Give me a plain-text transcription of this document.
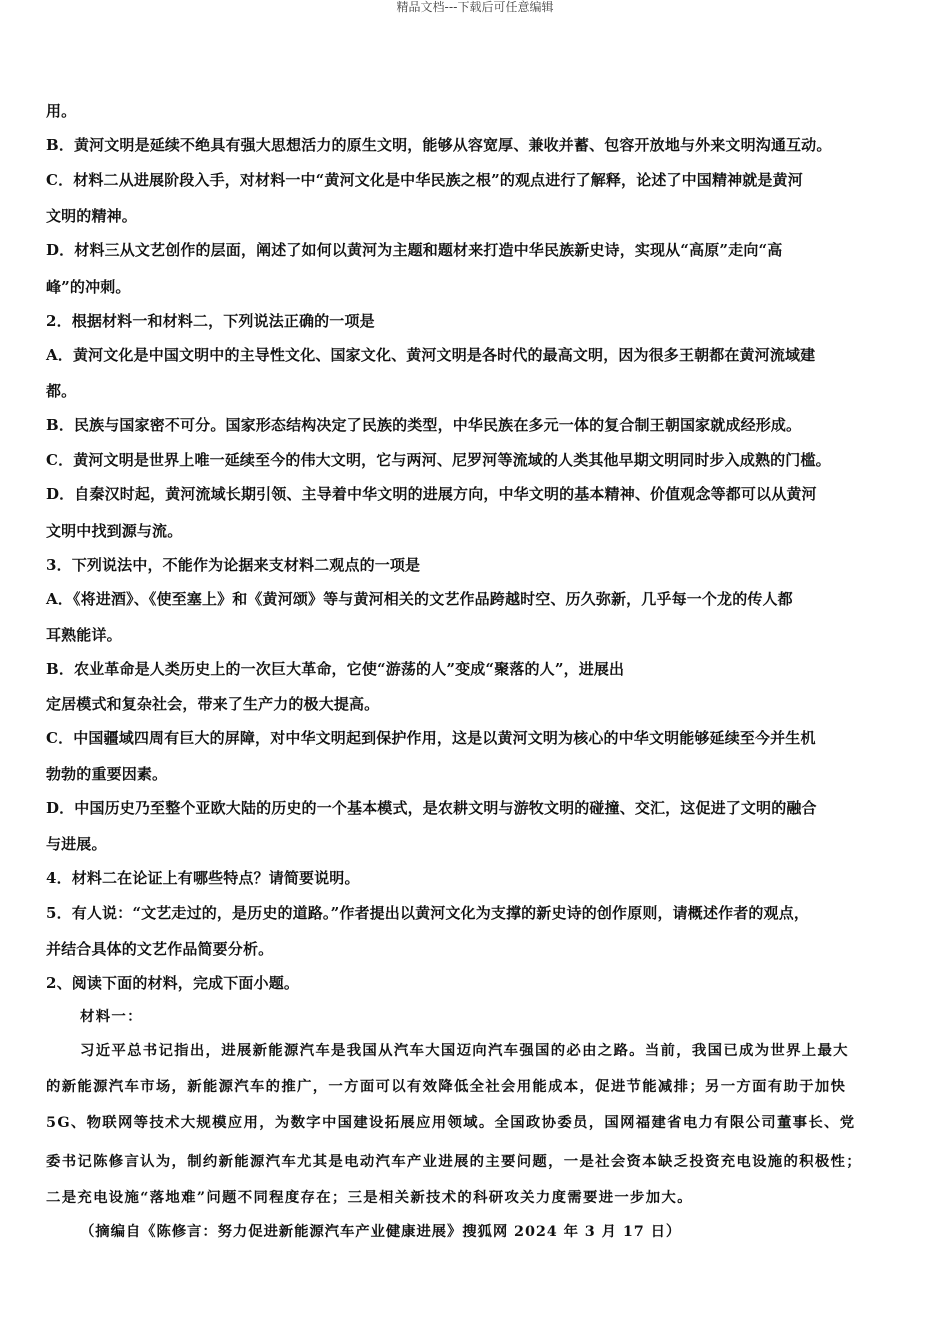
精品文档---下载后可任意编辑
用。
B．黄河文明是延续不绝具有强大思想活力的原生文明，能够从容宽厚、兼收并蓄、包容开放地与外来文明沟通互动。
C．材料二从进展阶段入手，对材料一中“黄河文化是中华民族之根”的观点进行了解释，论述了中国精神就是黄河
文明的精神。
D．材料三从文艺创作的层面，阐述了如何以黄河为主题和题材来打造中华民族新史诗，实现从“高原”走向“高
峰”的冲刺。
2．根据材料一和材料二，下列说法正确的一项是
A．黄河文化是中国文明中的主导性文化、国家文化、黄河文明是各时代的最高文明，因为很多王朝都在黄河流域建
都。
B．民族与国家密不可分。国家形态结构决定了民族的类型，中华民族在多元一体的复合制王朝国家就成经形成。
C．黄河文明是世界上唯一延续至今的伟大文明，它与两河、尼罗河等流域的人类其他早期文明同时步入成熟的门槛。
D．自秦汉时起，黄河流域长期引领、主导着中华文明的进展方向，中华文明的基本精神、价值观念等都可以从黄河
文明中找到源与流。
3．下列说法中，不能作为论据来支材料二观点的一项是
A．《将进酒》、《使至塞上》和《黄河颂》等与黄河相关的文艺作品跨越时空、历久弥新，几乎每一个龙的传人都
耳熟能详。
B．农业革命是人类历史上的一次巨大革命，它使“游荡的人”变成“聚落的人”，进展出
定居模式和复杂社会，带来了生产力的极大提高。
C．中国疆域四周有巨大的屏障，对中华文明起到保护作用，这是以黄河文明为核心的中华文明能够延续至今并生机
勃勃的重要因素。
D．中国历史乃至整个亚欧大陆的历史的一个基本模式，是农耕文明与游牧文明的碰撞、交汇，这促进了文明的融合
与进展。
4．材料二在论证上有哪些特点？请简要说明。
5．有人说：“文艺走过的，是历史的道路。”作者提出以黄河文化为支撑的新史诗的创作原则，请概述作者的观点，
并结合具体的文艺作品简要分析。
2、阅读下面的材料，完成下面小题。
材料一：
习近平总书记指出，进展新能源汽车是我国从汽车大国迈向汽车强国的必由之路。当前，我国已成为世界上最大
的新能源汽车市场，新能源汽车的推广，一方面可以有效降低全社会用能成本，促进节能减排；另一方面有助于加快
5G、物联网等技术大规模应用，为数字中国建设拓展应用领域。全国政协委员，国网福建省电力有限公司董事长、党
委书记陈修言认为，制约新能源汽车尤其是电动汽车产业进展的主要问题，一是社会资本缺乏投资充电设施的积极性；
二是充电设施“落地难”问题不同程度存在；三是相关新技术的科研攻关力度需要进一步加大。
（摘编自《陈修言：努力促进新能源汽车产业健康进展》搜狐网 2024 年 3 月 17 日）
